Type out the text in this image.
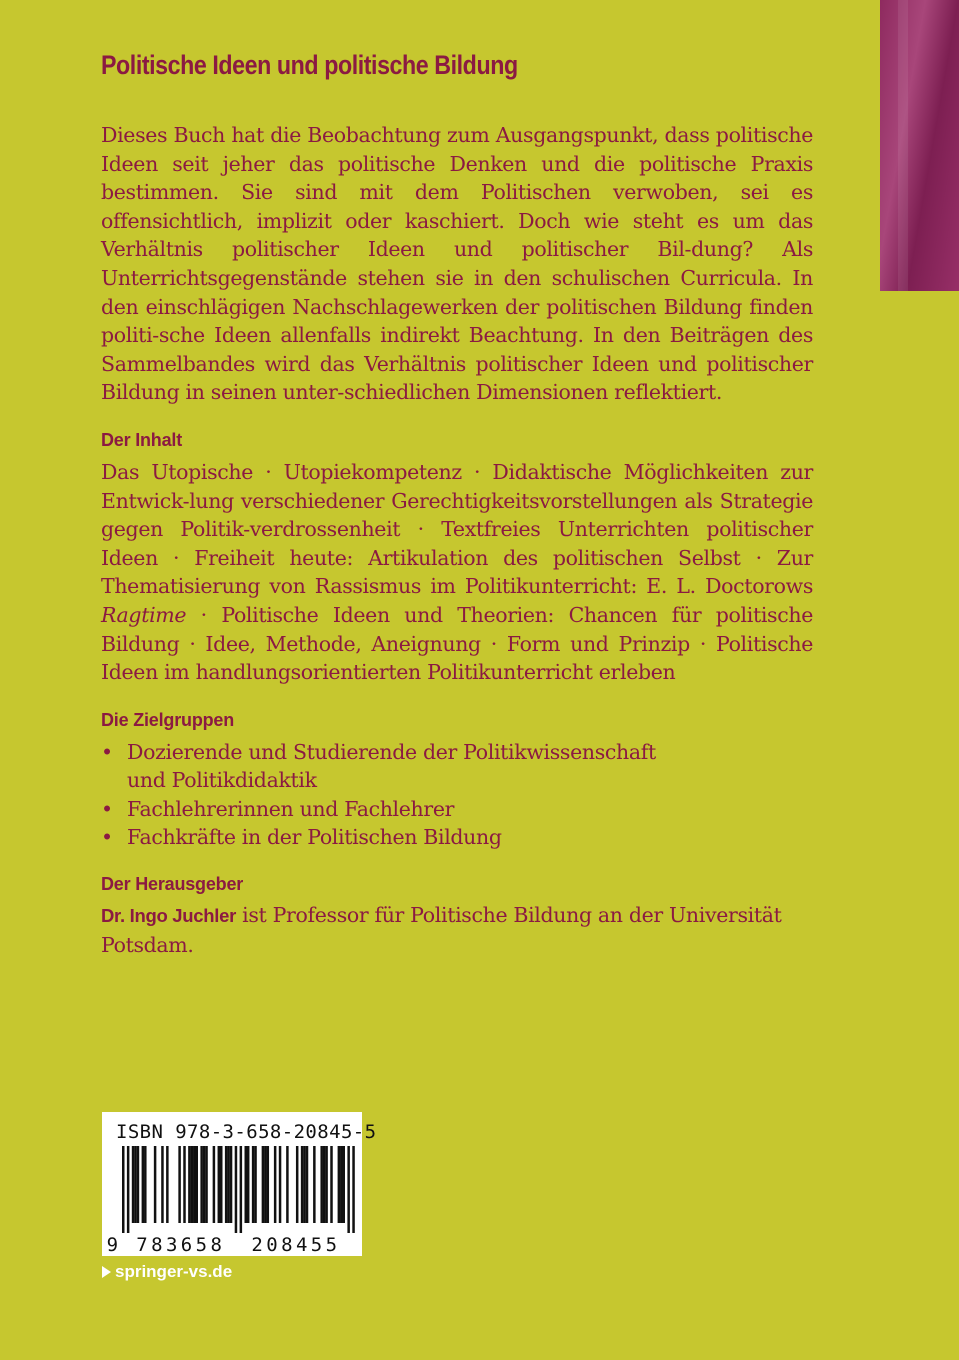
Politische Ideen und politische Bildung

Dieses Buch hat die Beobachtung zum Ausgangspunkt, dass politische Ideen seit jeher das politische Denken und die politische Praxis bestimmen. Sie sind mit dem Politischen verwoben, sei es offensichtlich, implizit oder kaschiert. Doch wie steht es um das Verhältnis politischer Ideen und politischer Bil-dung? Als Unterrichtsgegenstände stehen sie in den schulischen Curricula. In den einschlägigen Nachschlagewerken der politischen Bildung finden politi-sche Ideen allenfalls indirekt Beachtung. In den Beiträgen des Sammelbandes wird das Verhältnis politischer Ideen und politischer Bildung in seinen unter-schiedlichen Dimensionen reflektiert.

Der Inhalt

Das Utopische · Utopiekompetenz · Didaktische Möglichkeiten zur Entwick-lung verschiedener Gerechtigkeitsvorstellungen als Strategie gegen Politik-verdrossenheit · Textfreies Unterrichten politischer Ideen · Freiheit heute: Artikulation des politischen Selbst · Zur Thematisierung von Rassismus im Politikunterricht: E. L. Doctorows Ragtime · Politische Ideen und Theorien: Chancen für politische Bildung · Idee, Methode, Aneignung · Form und Prinzip · Politische Ideen im handlungsorientierten Politikunterricht erleben

Die Zielgruppen
• Dozierende und Studierende der Politikwissenschaft
und Politikdidaktik
• Fachlehrerinnen und Fachlehrer
• Fachkräfte in der Politischen Bildung
Der Herausgeber

Dr. Ingo Juchler ist Professor für Politische Bildung an der Universität Potsdam.

ISBN 978-3-658-20845-5
9 783658 208455
springer-vs.de
